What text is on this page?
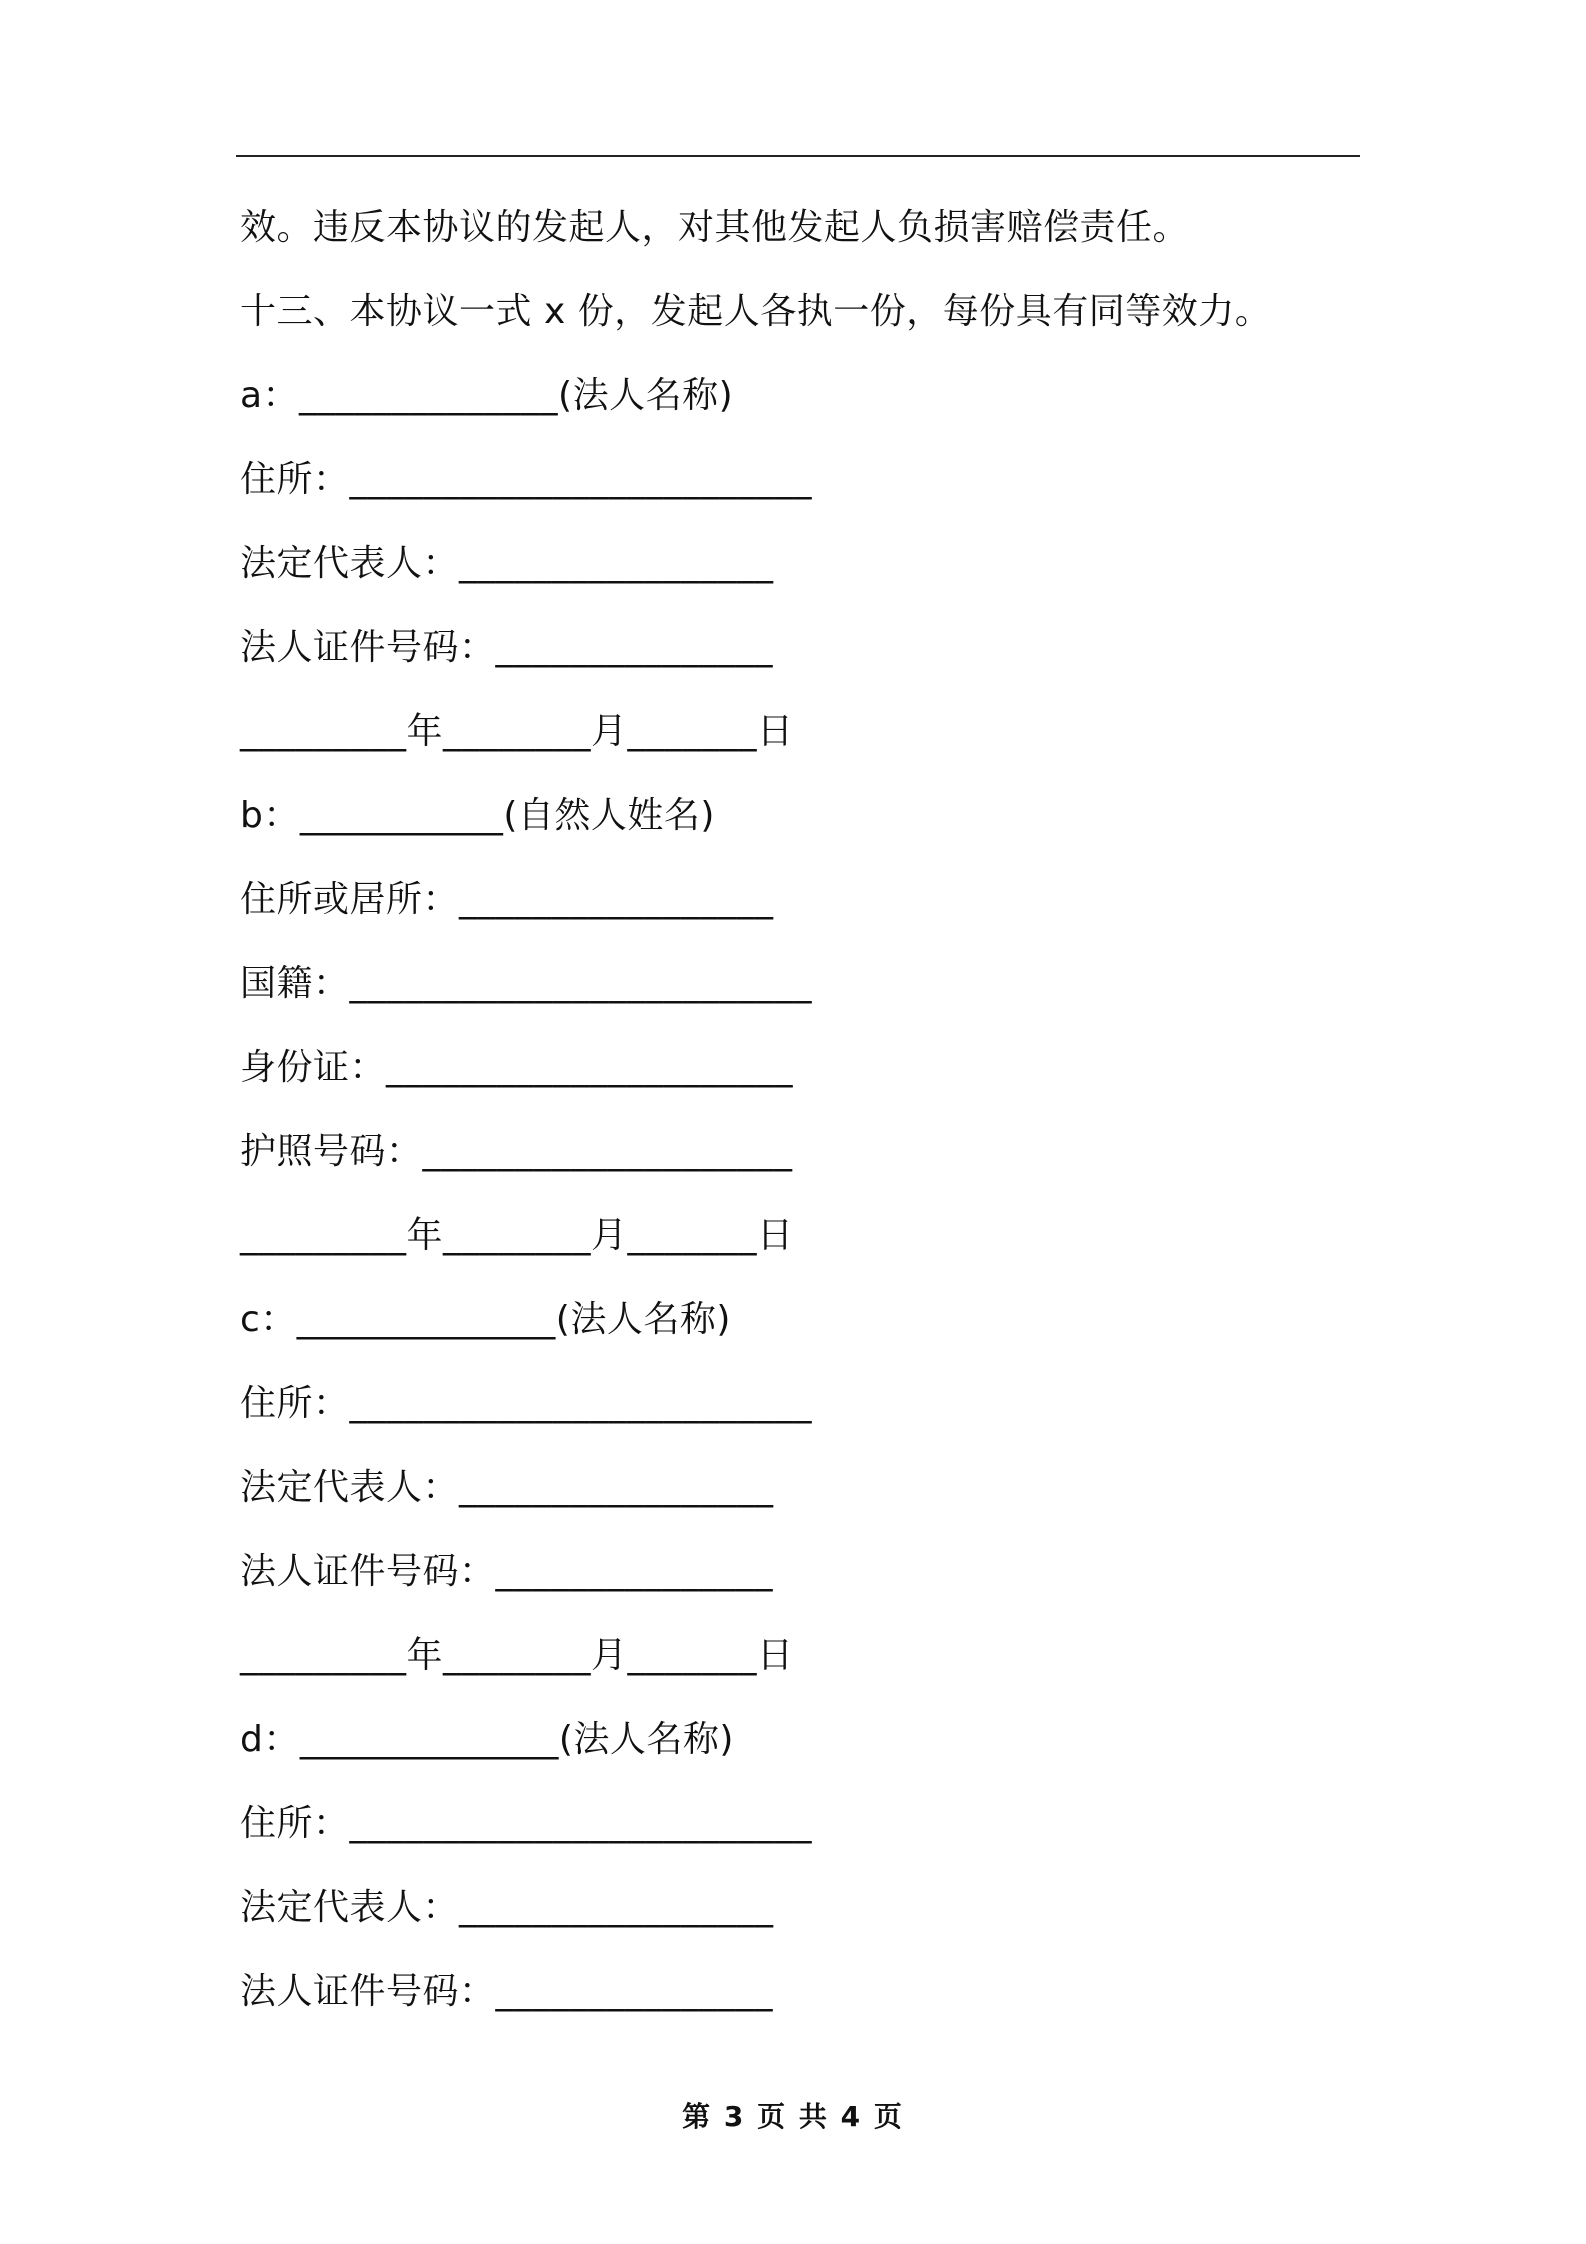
效。违反本协议的发起人，对其他发起人负损害赔偿责任。
十三、本协议一式 x 份，发起人各执一份，每份具有同等效力。
a：______________(法人名称)
住所：_________________________
法定代表人：_________________
法人证件号码：_______________
_________年________月_______日
b：___________(自然人姓名)
住所或居所：_________________
国籍：_________________________
身份证：______________________
护照号码：____________________
_________年________月_______日
c：______________(法人名称)
住所：_________________________
法定代表人：_________________
法人证件号码：_______________
_________年________月_______日
d：______________(法人名称)
住所：_________________________
法定代表人：_________________
法人证件号码：_______________
第 3 页 共 4 页
